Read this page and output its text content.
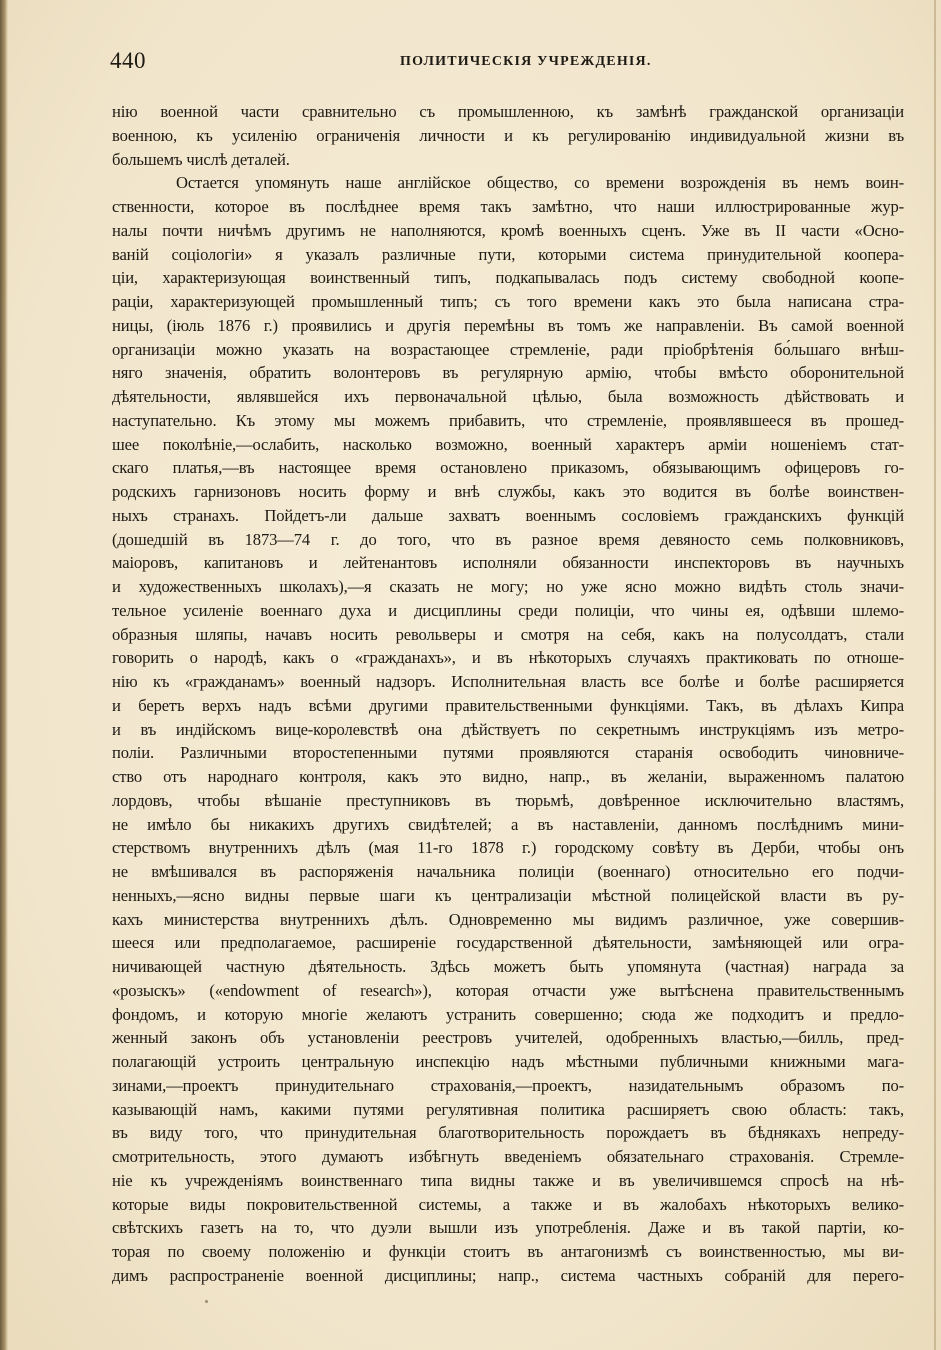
440	ПОЛИТИЧЕСКІЯ УЧРЕЖДЕНІЯ.
нію военной части сравнительно съ промышленною, къ замѣнѣ гражданской организаціи
военною, къ усиленію ограниченія личности и къ регулированію индивидуальной жизни въ
большемъ числѣ деталей.
Остается упомянуть наше англійское общество, со времени возрожденія въ немъ воин-
ственности, которое въ послѣднее время такъ замѣтно, что наши иллюстрированные жур-
налы почти ничѣмъ другимъ не наполняются, кромѣ военныхъ сценъ. Уже въ II части «Осно-
ваній соціологіи» я указалъ различные пути, которыми система принудительной коопера-
ціи, характеризующая воинственный типъ, подкапывалась подъ систему свободной коопе-
раціи, характеризующей промышленный типъ; съ того времени какъ это была написана стра-
ницы, (іюль 1876 г.) проявились и другія перемѣны въ томъ же направленіи. Въ самой военной
организаціи можно указать на возрастающее стремленіе, ради пріобрѣтенія бо́льшаго внѣш-
няго значенія, обратить волонтеровъ въ регулярную армію, чтобы вмѣсто оборонительной
дѣятельности, являвшейся ихъ первоначальной цѣлью, была возможность дѣйствовать и
наступательно. Къ этому мы можемъ прибавить, что стремленіе, проявлявшееся въ прошед-
шее поколѣніе,—ослабить, насколько возможно, военный характеръ арміи ношеніемъ стат-
скаго платья,—въ настоящее время остановлено приказомъ, обязывающимъ офицеровъ го-
родскихъ гарнизоновъ носить форму и внѣ службы, какъ это водится въ болѣе воинствен-
ныхъ странахъ. Пойдетъ-ли дальше захватъ военнымъ сословіемъ гражданскихъ функцій
(дошедшій въ 1873—74 г. до того, что въ разное время девяносто семь полковниковъ,
маіоровъ, капитановъ и лейтенантовъ исполняли обязанности инспекторовъ въ научныхъ
и художественныхъ школахъ),—я сказать не могу; но уже ясно можно видѣть столь значи-
тельное усиленіе военнаго духа и дисциплины среди полиціи, что чины ея, одѣвши шлемо-
образныя шляпы, начавъ носить револьверы и смотря на себя, какъ на полусолдатъ, стали
говорить о народѣ, какъ о «гражданахъ», и въ нѣкоторыхъ случаяхъ практиковать по отноше-
нію къ «гражданамъ» военный надзоръ. Исполнительная власть все болѣе и болѣе расширяется
и беретъ верхъ надъ всѣми другими правительственными функціями. Такъ, въ дѣлахъ Кипра
и въ индійскомъ вице-королевствѣ она дѣйствуетъ по секретнымъ инструкціямъ изъ метро-
поліи. Различными второстепенными путями проявляются старанія освободить чиновниче-
ство отъ народнаго контроля, какъ это видно, напр., въ желаніи, выраженномъ палатою
лордовъ, чтобы вѣшаніе преступниковъ въ тюрьмѣ, довѣренное исключительно властямъ,
не имѣло бы никакихъ другихъ свидѣтелей; а въ наставленіи, данномъ послѣднимъ мини-
стерствомъ внутреннихъ дѣлъ (мая 11-го 1878 г.) городскому совѣту въ Дерби, чтобы онъ
не вмѣшивался въ распоряженія начальника полиціи (военнаго) относительно его подчи-
ненныхъ,—ясно видны первые шаги къ централизаціи мѣстной полицейской власти въ ру-
кахъ министерства внутреннихъ дѣлъ. Одновременно мы видимъ различное, уже совершив-
шееся или предполагаемое, расширеніе государственной дѣятельности, замѣняющей или огра-
ничивающей частную дѣятельность. Здѣсь можетъ быть упомянута (частная) награда за
«розыскъ» («endowment of research»), которая отчасти уже вытѣснена правительственнымъ
фондомъ, и которую многіе желаютъ устранить совершенно; сюда же подходитъ и предло-
женный законъ объ установленіи реестровъ учителей, одобренныхъ властью,—билль, пред-
полагающій устроить центральную инспекцію надъ мѣстными публичными книжными мага-
зинами,—проектъ принудительнаго страхованія,—проектъ, назидательнымъ образомъ по-
казывающій намъ, какими путями регулятивная политика расширяетъ свою область: такъ,
въ виду того, что принудительная благотворительность порождаетъ въ бѣднякахъ непреду-
смотрительность, этого думаютъ избѣгнуть введеніемъ обязательнаго страхованія. Стремле-
ніе къ учрежденіямъ воинственнаго типа видны также и въ увеличившемся спросѣ на нѣ-
которые виды покровительственной системы, а также и въ жалобахъ нѣкоторыхъ велико-
свѣтскихъ газетъ на то, что дуэли вышли изъ употребленія. Даже и въ такой партіи, ко-
торая по своему положенію и функціи стоитъ въ антагонизмѣ съ воинственностью, мы ви-
димъ распространеніе военной дисциплины; напр., система частныхъ собраній для перего-
